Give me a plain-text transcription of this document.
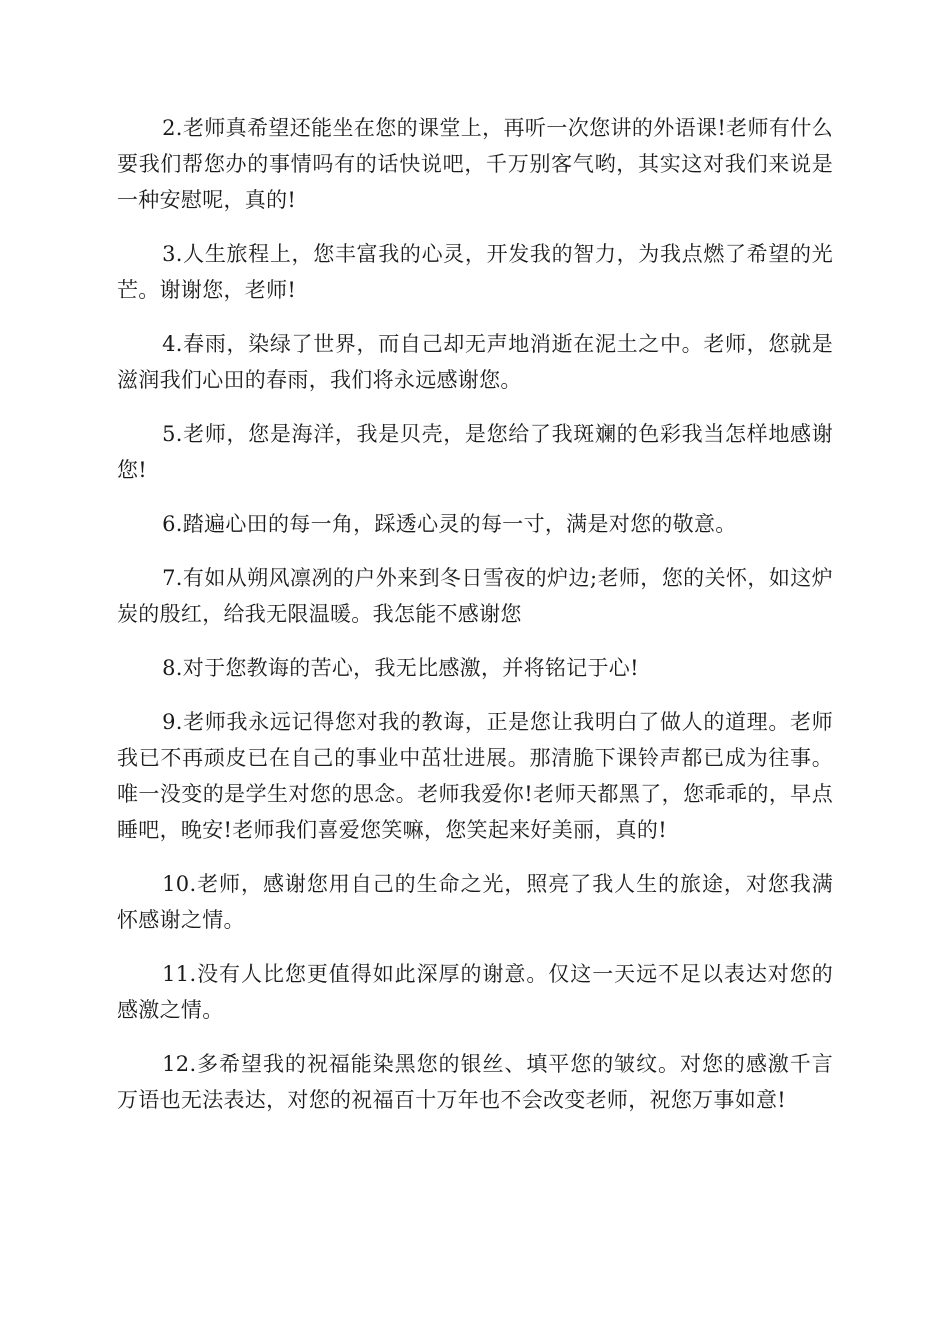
2.老师真希望还能坐在您的课堂上，再听一次您讲的外语课!老师有什么要我们帮您办的事情吗有的话快说吧，千万别客气哟，其实这对我们来说是一种安慰呢，真的!

3.人生旅程上，您丰富我的心灵，开发我的智力，为我点燃了希望的光芒。谢谢您，老师!

4.春雨，染绿了世界，而自己却无声地消逝在泥土之中。老师，您就是滋润我们心田的春雨，我们将永远感谢您。

5.老师，您是海洋，我是贝壳，是您给了我斑斓的色彩我当怎样地感谢您!

6.踏遍心田的每一角，踩透心灵的每一寸，满是对您的敬意。

7.有如从朔风凛冽的户外来到冬日雪夜的炉边;老师，您的关怀，如这炉炭的殷红，给我无限温暖。我怎能不感谢您

8.对于您教诲的苦心，我无比感激，并将铭记于心!

9.老师我永远记得您对我的教诲，正是您让我明白了做人的道理。老师我已不再顽皮已在自己的事业中茁壮进展。那清脆下课铃声都已成为往事。唯一没变的是学生对您的思念。老师我爱你!老师天都黑了，您乖乖的，早点睡吧，晚安!老师我们喜爱您笑嘛，您笑起来好美丽，真的!

10.老师，感谢您用自己的生命之光，照亮了我人生的旅途，对您我满怀感谢之情。

11.没有人比您更值得如此深厚的谢意。仅这一天远不足以表达对您的感激之情。

12.多希望我的祝福能染黑您的银丝、填平您的皱纹。对您的感激千言万语也无法表达，对您的祝福百十万年也不会改变老师，祝您万事如意!
